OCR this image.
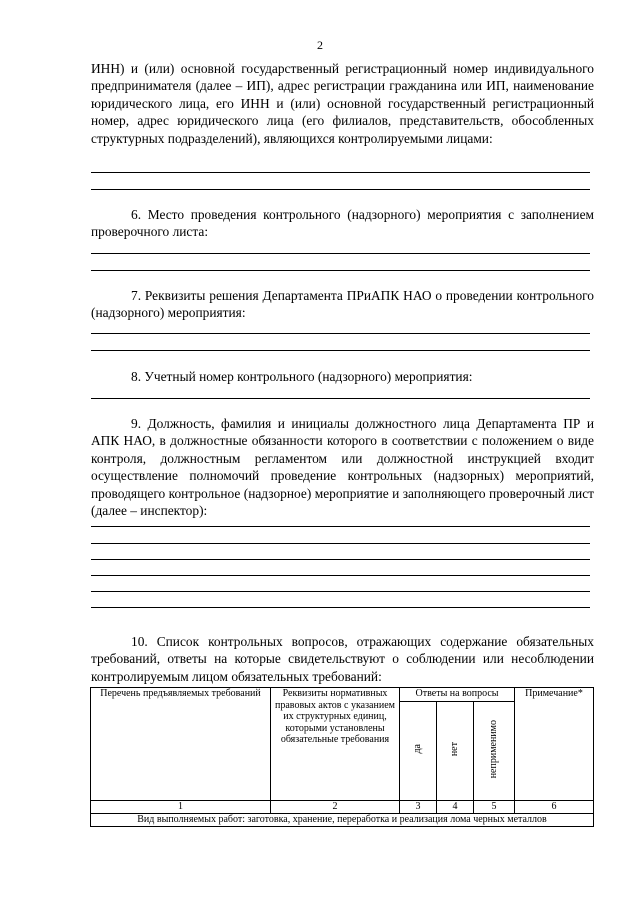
2

ИНН) и (или) основной государственный регистрационный номер индивидуального предпринимателя (далее – ИП), адрес регистрации гражданина или ИП, наименование юридического лица, его ИНН и (или) основной государственный регистрационный номер, адрес юридического лица (его филиалов, представительств, обособленных структурных подразделений), являющихся контролируемыми лицами:

6. Место проведения контрольного (надзорного) мероприятия с заполнением проверочного листа:

7. Реквизиты решения Департамента ПРиАПК НАО о проведении контрольного (надзорного) мероприятия:

8. Учетный номер контрольного (надзорного) мероприятия:

9. Должность, фамилия и инициалы должностного лица Департамента ПР и АПК НАО, в должностные обязанности которого в соответствии с положением о виде контроля, должностным регламентом или должностной инструкцией входит осуществление полномочий проведение контрольных (надзорных) мероприятий, проводящего контрольное (надзорное) мероприятие и заполняющего проверочный лист (далее – инспектор):

10. Список контрольных вопросов, отражающих содержание обязательных требований, ответы на которые свидетельствуют о соблюдении или несоблюдении контролируемым лицом обязательных требований:

Перечень предъявляемых требований	Реквизиты нормативных правовых актов с указанием их структурных единиц, которыми установлены обязательные требования	Ответы на вопросы			Примечание*
		да	нет	неприменимо	
1	2	3	4	5	6
Вид выполняемых работ: заготовка, хранение, переработка и реализация лома черных металлов					
